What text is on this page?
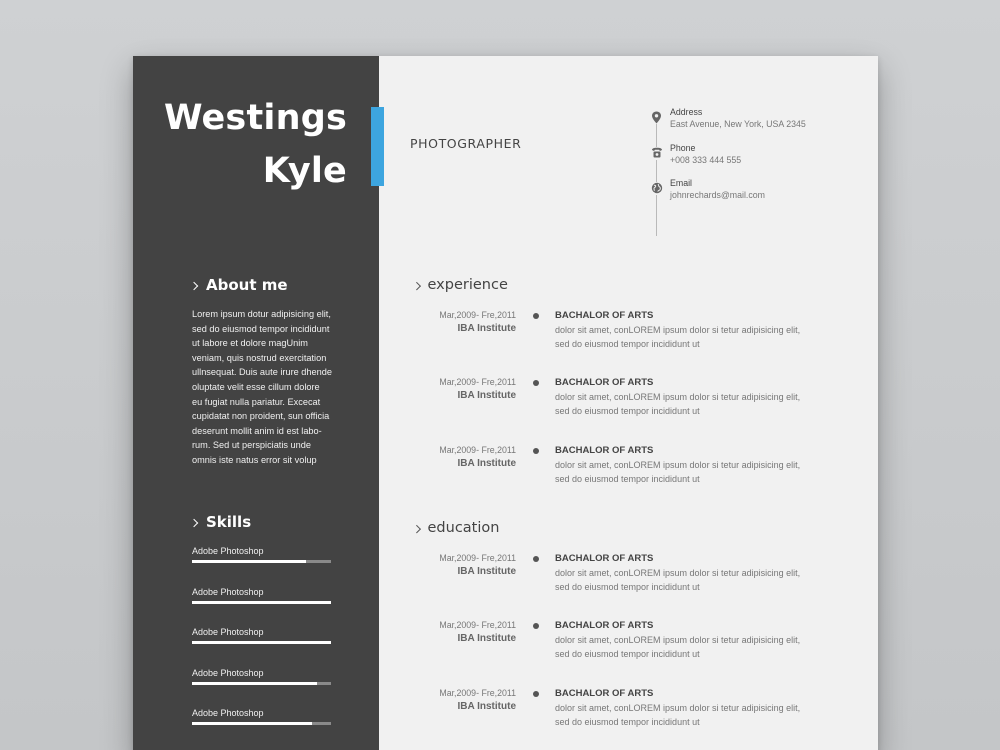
Westings
Kyle
About me
Lorem ipsum dotur adipisicing elit,
sed do eiusmod tempor incididunt
ut labore et dolore magUnim
veniam, quis nostrud exercitation
ullnsequat. Duis aute irure dhende
oluptate velit esse cillum dolore
eu fugiat nulla pariatur. Excecat
cupidatat non proident, sun officia
deserunt mollit anim id est labo-
rum. Sed ut perspiciatis unde
omnis iste natus error sit volup
Skills
Adobe Photoshop
Adobe Photoshop
Adobe Photoshop
Adobe Photoshop
Adobe Photoshop
PHOTOGRAPHER
Address
East Avenue, New York, USA 2345
Phone
+008 333 444 555
Email
johnrechards@mail.com
experience
Mar,2009- Fre,2011
IBA Institute
BACHALOR OF ARTS
dolor sit amet, conLOREM ipsum dolor si tetur adipisicing elit,
sed do eiusmod tempor incididunt ut
Mar,2009- Fre,2011
IBA Institute
BACHALOR OF ARTS
dolor sit amet, conLOREM ipsum dolor si tetur adipisicing elit,
sed do eiusmod tempor incididunt ut
Mar,2009- Fre,2011
IBA Institute
BACHALOR OF ARTS
dolor sit amet, conLOREM ipsum dolor si tetur adipisicing elit,
sed do eiusmod tempor incididunt ut
education
Mar,2009- Fre,2011
IBA Institute
BACHALOR OF ARTS
dolor sit amet, conLOREM ipsum dolor si tetur adipisicing elit,
sed do eiusmod tempor incididunt ut
Mar,2009- Fre,2011
IBA Institute
BACHALOR OF ARTS
dolor sit amet, conLOREM ipsum dolor si tetur adipisicing elit,
sed do eiusmod tempor incididunt ut
Mar,2009- Fre,2011
IBA Institute
BACHALOR OF ARTS
dolor sit amet, conLOREM ipsum dolor si tetur adipisicing elit,
sed do eiusmod tempor incididunt ut
